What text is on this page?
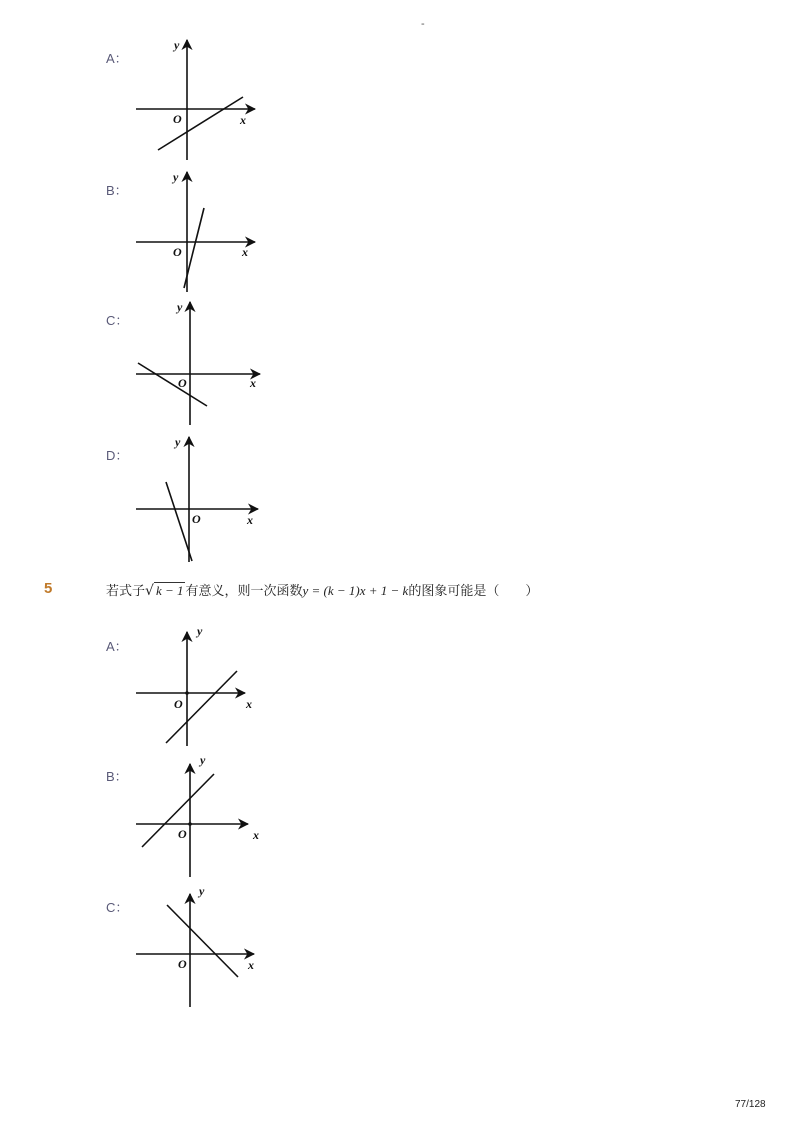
-
A：
O	x
y
B：
O	x
y
C：
O	x
y
D：
O	x
y
5	若式子√ k − 1 有意义，则一次函数y = (k − 1)x + 1 − k的图象可能是（　　）
A：
O	x
y
B：
O	x
y
C：
O	x
y
77/128
